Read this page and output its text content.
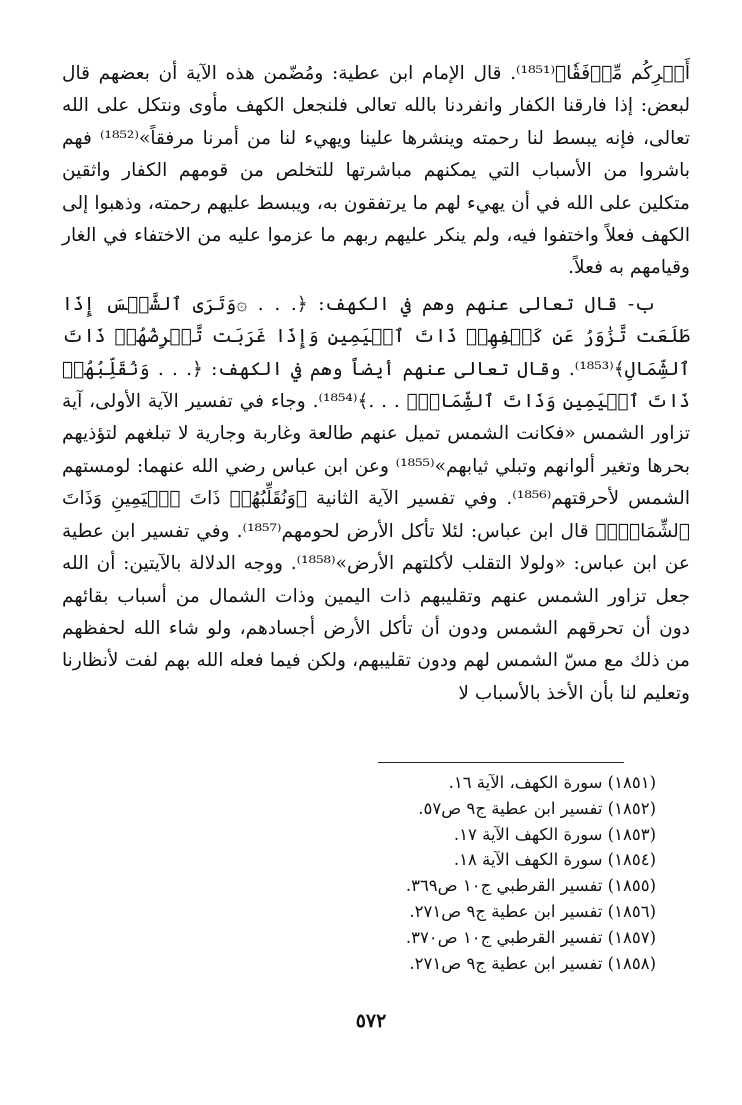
أَمۡرِكُم مِّرۡفَقٗا﴾⁽¹⁸⁵¹⁾. قال الإمام ابن عطية: ومُضّمن هذه الآية أن بعضهم قال لبعض: إذا فارقنا الكفار وانفردنا بالله تعالى فلنجعل الكهف مأوى ونتكل على الله تعالى، فإنه يبسط لنا رحمته وينشرها علينا ويهيء لنا من أمرنا مرفقاً»⁽¹⁸⁵²⁾ فهم باشروا من الأسباب التي يمكنهم مباشرتها للتخلص من قومهم الكفار واثقين متكلين على الله في أن يهيء لهم ما يرتفقون به، ويبسط عليهم رحمته، وذهبوا إلى الكهف فعلاً واختفوا فيه، ولم ينكر عليهم ربهم ما عزموا عليه من الاختفاء في الغار وقيامهم به فعلاً.

ب- قال تعالى عنهم وهم في الكهف: ﴿. . . ۞وَتَرَى ٱلشَّمۡسَ إِذَا طَلَعَت تَّزَٰوَرُ عَن كَهۡفِهِمۡ ذَاتَ ٱلۡيَمِينِ وَإِذَا غَرَبَت تَّقۡرِضُهُمۡ ذَاتَ ٱلشِّمَالِ﴾⁽¹⁸⁵³⁾. وقال تعالى عنهم أيضاً وهم في الكهف: ﴿. . . وَنُقَلِّبُهُمۡ ذَاتَ ٱلۡيَمِينِ وَذَاتَ ٱلشِّمَالِۖ . . .﴾⁽¹⁸⁵⁴⁾. وجاء في تفسير الآية الأولى، آية تزاور الشمس «فكانت الشمس تميل عنهم طالعة وغاربة وجارية لا تبلغهم لتؤذيهم بحرها وتغير ألوانهم وتبلي ثيابهم»⁽¹⁸⁵⁵⁾ وعن ابن عباس رضي الله عنهما: لومستهم الشمس لأحرقتهم⁽¹⁸⁵⁶⁾. وفي تفسير الآية الثانية ﴿وَنُقَلِّبُهُمۡ ذَاتَ ٱلۡيَمِينِ وَذَاتَ ٱلشِّمَالِۖ﴾ قال ابن عباس: لئلا تأكل الأرض لحومهم⁽¹⁸⁵⁷⁾. وفي تفسير ابن عطية عن ابن عباس: «ولولا التقلب لأكلتهم الأرض»⁽¹⁸⁵⁸⁾. ووجه الدلالة بالآيتين: أن الله جعل تزاور الشمس عنهم وتقليبهم ذات اليمين وذات الشمال من أسباب بقائهم دون أن تحرقهم الشمس ودون أن تأكل الأرض أجسادهم، ولو شاء الله لحفظهم من ذلك مع مسّ الشمس لهم ودون تقليبهم، ولكن فيما فعله الله بهم لفت لأنظارنا وتعليم لنا بأن الأخذ بالأسباب لا

(١٨٥١) سورة الكهف، الآية ١٦.
(١٨٥٢) تفسير ابن عطية ج٩ ص٥٧.
(١٨٥٣) سورة الكهف الآية ١٧.
(١٨٥٤) سورة الكهف الآية ١٨.
(١٨٥٥) تفسير القرطبي ج١٠ ص٣٦٩.
(١٨٥٦) تفسير ابن عطية ج٩ ص٢٧١.
(١٨٥٧) تفسير القرطبي ج١٠ ص٣٧٠.
(١٨٥٨) تفسير ابن عطية ج٩ ص٢٧١.
٥٧٢
